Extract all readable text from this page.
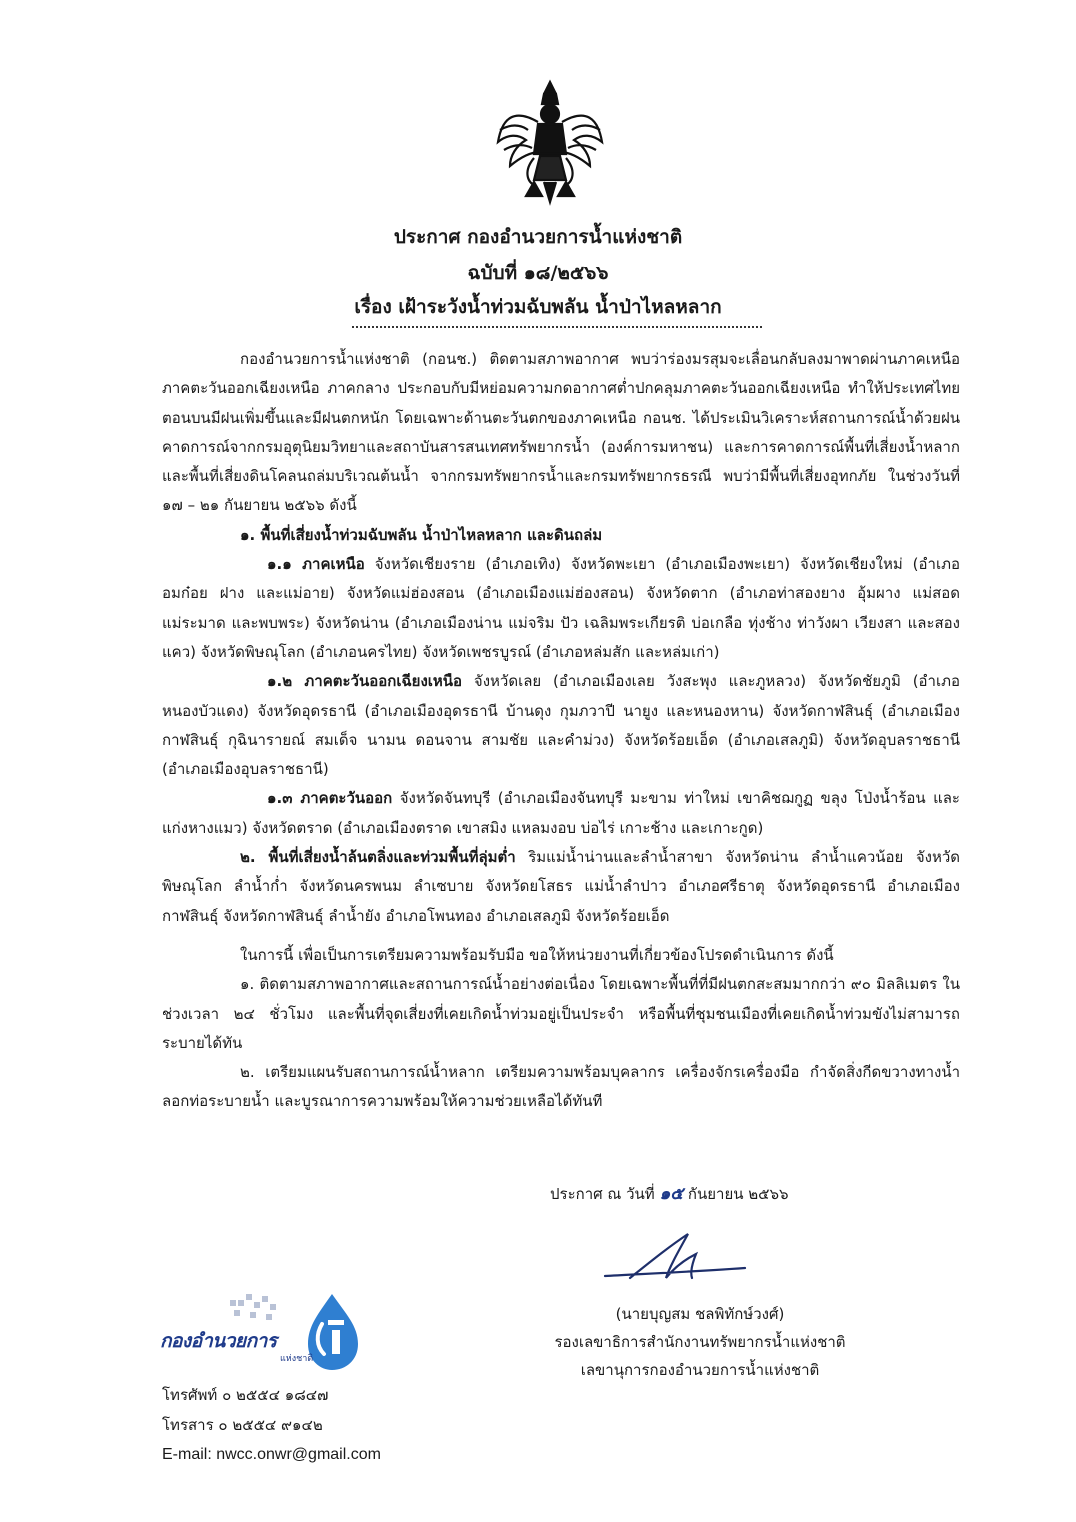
ประกาศ กองอำนวยการน้ำแห่งชาติ
ฉบับที่ ๑๘/๒๕๖๖
เรื่อง เฝ้าระวังน้ำท่วมฉับพลัน น้ำป่าไหลหลาก

กองอำนวยการน้ำแห่งชาติ (กอนช.) ติดตามสภาพอากาศ พบว่าร่องมรสุมจะเลื่อนกลับลงมาพาดผ่านภาคเหนือ ภาคตะวันออกเฉียงเหนือ ภาคกลาง ประกอบกับมีหย่อมความกดอากาศต่ำปกคลุมภาคตะวันออกเฉียงเหนือ ทำให้ประเทศไทยตอนบนมีฝนเพิ่มขึ้นและมีฝนตกหนัก โดยเฉพาะด้านตะวันตกของภาคเหนือ กอนช. ได้ประเมินวิเคราะห์สถานการณ์น้ำด้วยฝนคาดการณ์จากกรมอุตุนิยมวิทยาและสถาบันสารสนเทศทรัพยากรน้ำ (องค์การมหาชน) และการคาดการณ์พื้นที่เสี่ยงน้ำหลากและพื้นที่เสี่ยงดินโคลนถล่มบริเวณต้นน้ำ จากกรมทรัพยากรน้ำและกรมทรัพยากรธรณี พบว่ามีพื้นที่เสี่ยงอุทกภัย ในช่วงวันที่ ๑๗ – ๒๑ กันยายน ๒๕๖๖ ดังนี้

๑. พื้นที่เสี่ยงน้ำท่วมฉับพลัน น้ำป่าไหลหลาก และดินถล่ม

๑.๑ ภาคเหนือ จังหวัดเชียงราย (อำเภอเทิง) จังหวัดพะเยา (อำเภอเมืองพะเยา) จังหวัดเชียงใหม่ (อำเภออมก๋อย ฝาง และแม่อาย) จังหวัดแม่ฮ่องสอน (อำเภอเมืองแม่ฮ่องสอน) จังหวัดตาก (อำเภอท่าสองยาง อุ้มผาง แม่สอด แม่ระมาด และพบพระ) จังหวัดน่าน (อำเภอเมืองน่าน แม่จริม ปัว เฉลิมพระเกียรติ บ่อเกลือ ทุ่งช้าง ท่าวังผา เวียงสา และสองแคว) จังหวัดพิษณุโลก (อำเภอนครไทย) จังหวัดเพชรบูรณ์ (อำเภอหล่มสัก และหล่มเก่า)

๑.๒ ภาคตะวันออกเฉียงเหนือ จังหวัดเลย (อำเภอเมืองเลย วังสะพุง และภูหลวง) จังหวัดชัยภูมิ (อำเภอหนองบัวแดง) จังหวัดอุดรธานี (อำเภอเมืองอุดรธานี บ้านดุง กุมภวาปี นายูง และหนองหาน) จังหวัดกาฬสินธุ์ (อำเภอเมืองกาฬสินธุ์ กุฉินารายณ์ สมเด็จ นามน ดอนจาน สามชัย และคำม่วง) จังหวัดร้อยเอ็ด (อำเภอเสลภูมิ) จังหวัดอุบลราชธานี (อำเภอเมืองอุบลราชธานี)

๑.๓ ภาคตะวันออก จังหวัดจันทบุรี (อำเภอเมืองจันทบุรี มะขาม ท่าใหม่ เขาคิชฌกูฏ ขลุง โป่งน้ำร้อน และแก่งหางแมว) จังหวัดตราด (อำเภอเมืองตราด เขาสมิง แหลมงอบ บ่อไร่ เกาะช้าง และเกาะกูด)

๒. พื้นที่เสี่ยงน้ำล้นตลิ่งและท่วมพื้นที่ลุ่มต่ำ ริมแม่น้ำน่านและลำน้ำสาขา จังหวัดน่าน ลำน้ำแควน้อย จังหวัดพิษณุโลก ลำน้ำก่ำ จังหวัดนครพนม ลำเซบาย จังหวัดยโสธร แม่น้ำลำปาว อำเภอศรีธาตุ จังหวัดอุดรธานี อำเภอเมืองกาฬสินธุ์ จังหวัดกาฬสินธุ์ ลำน้ำยัง อำเภอโพนทอง อำเภอเสลภูมิ จังหวัดร้อยเอ็ด

ในการนี้ เพื่อเป็นการเตรียมความพร้อมรับมือ ขอให้หน่วยงานที่เกี่ยวข้องโปรดดำเนินการ ดังนี้

๑. ติดตามสภาพอากาศและสถานการณ์น้ำอย่างต่อเนื่อง โดยเฉพาะพื้นที่ที่มีฝนตกสะสมมากกว่า ๙๐ มิลลิเมตร ในช่วงเวลา ๒๔ ชั่วโมง และพื้นที่จุดเสี่ยงที่เคยเกิดน้ำท่วมอยู่เป็นประจำ หรือพื้นที่ชุมชนเมืองที่เคยเกิดน้ำท่วมขังไม่สามารถระบายได้ทัน

๒. เตรียมแผนรับสถานการณ์น้ำหลาก เตรียมความพร้อมบุคลากร เครื่องจักรเครื่องมือ กำจัดสิ่งกีดขวางทางน้ำ ลอกท่อระบายน้ำ และบูรณาการความพร้อมให้ความช่วยเหลือได้ทันที

ประกาศ ณ วันที่ ๑๕ กันยายน ๒๕๖๖
(นายบุญสม ชลพิทักษ์วงศ์)
รองเลขาธิการสำนักงานทรัพยากรน้ำแห่งชาติ
เลขานุการกองอำนวยการน้ำแห่งชาติ
กองอำนวยการ
แห่งชาติ
โทรศัพท์ ๐ ๒๕๕๔ ๑๘๔๗
โทรสาร ๐ ๒๕๕๔ ๙๑๔๒
E-mail: nwcc.onwr@gmail.com
